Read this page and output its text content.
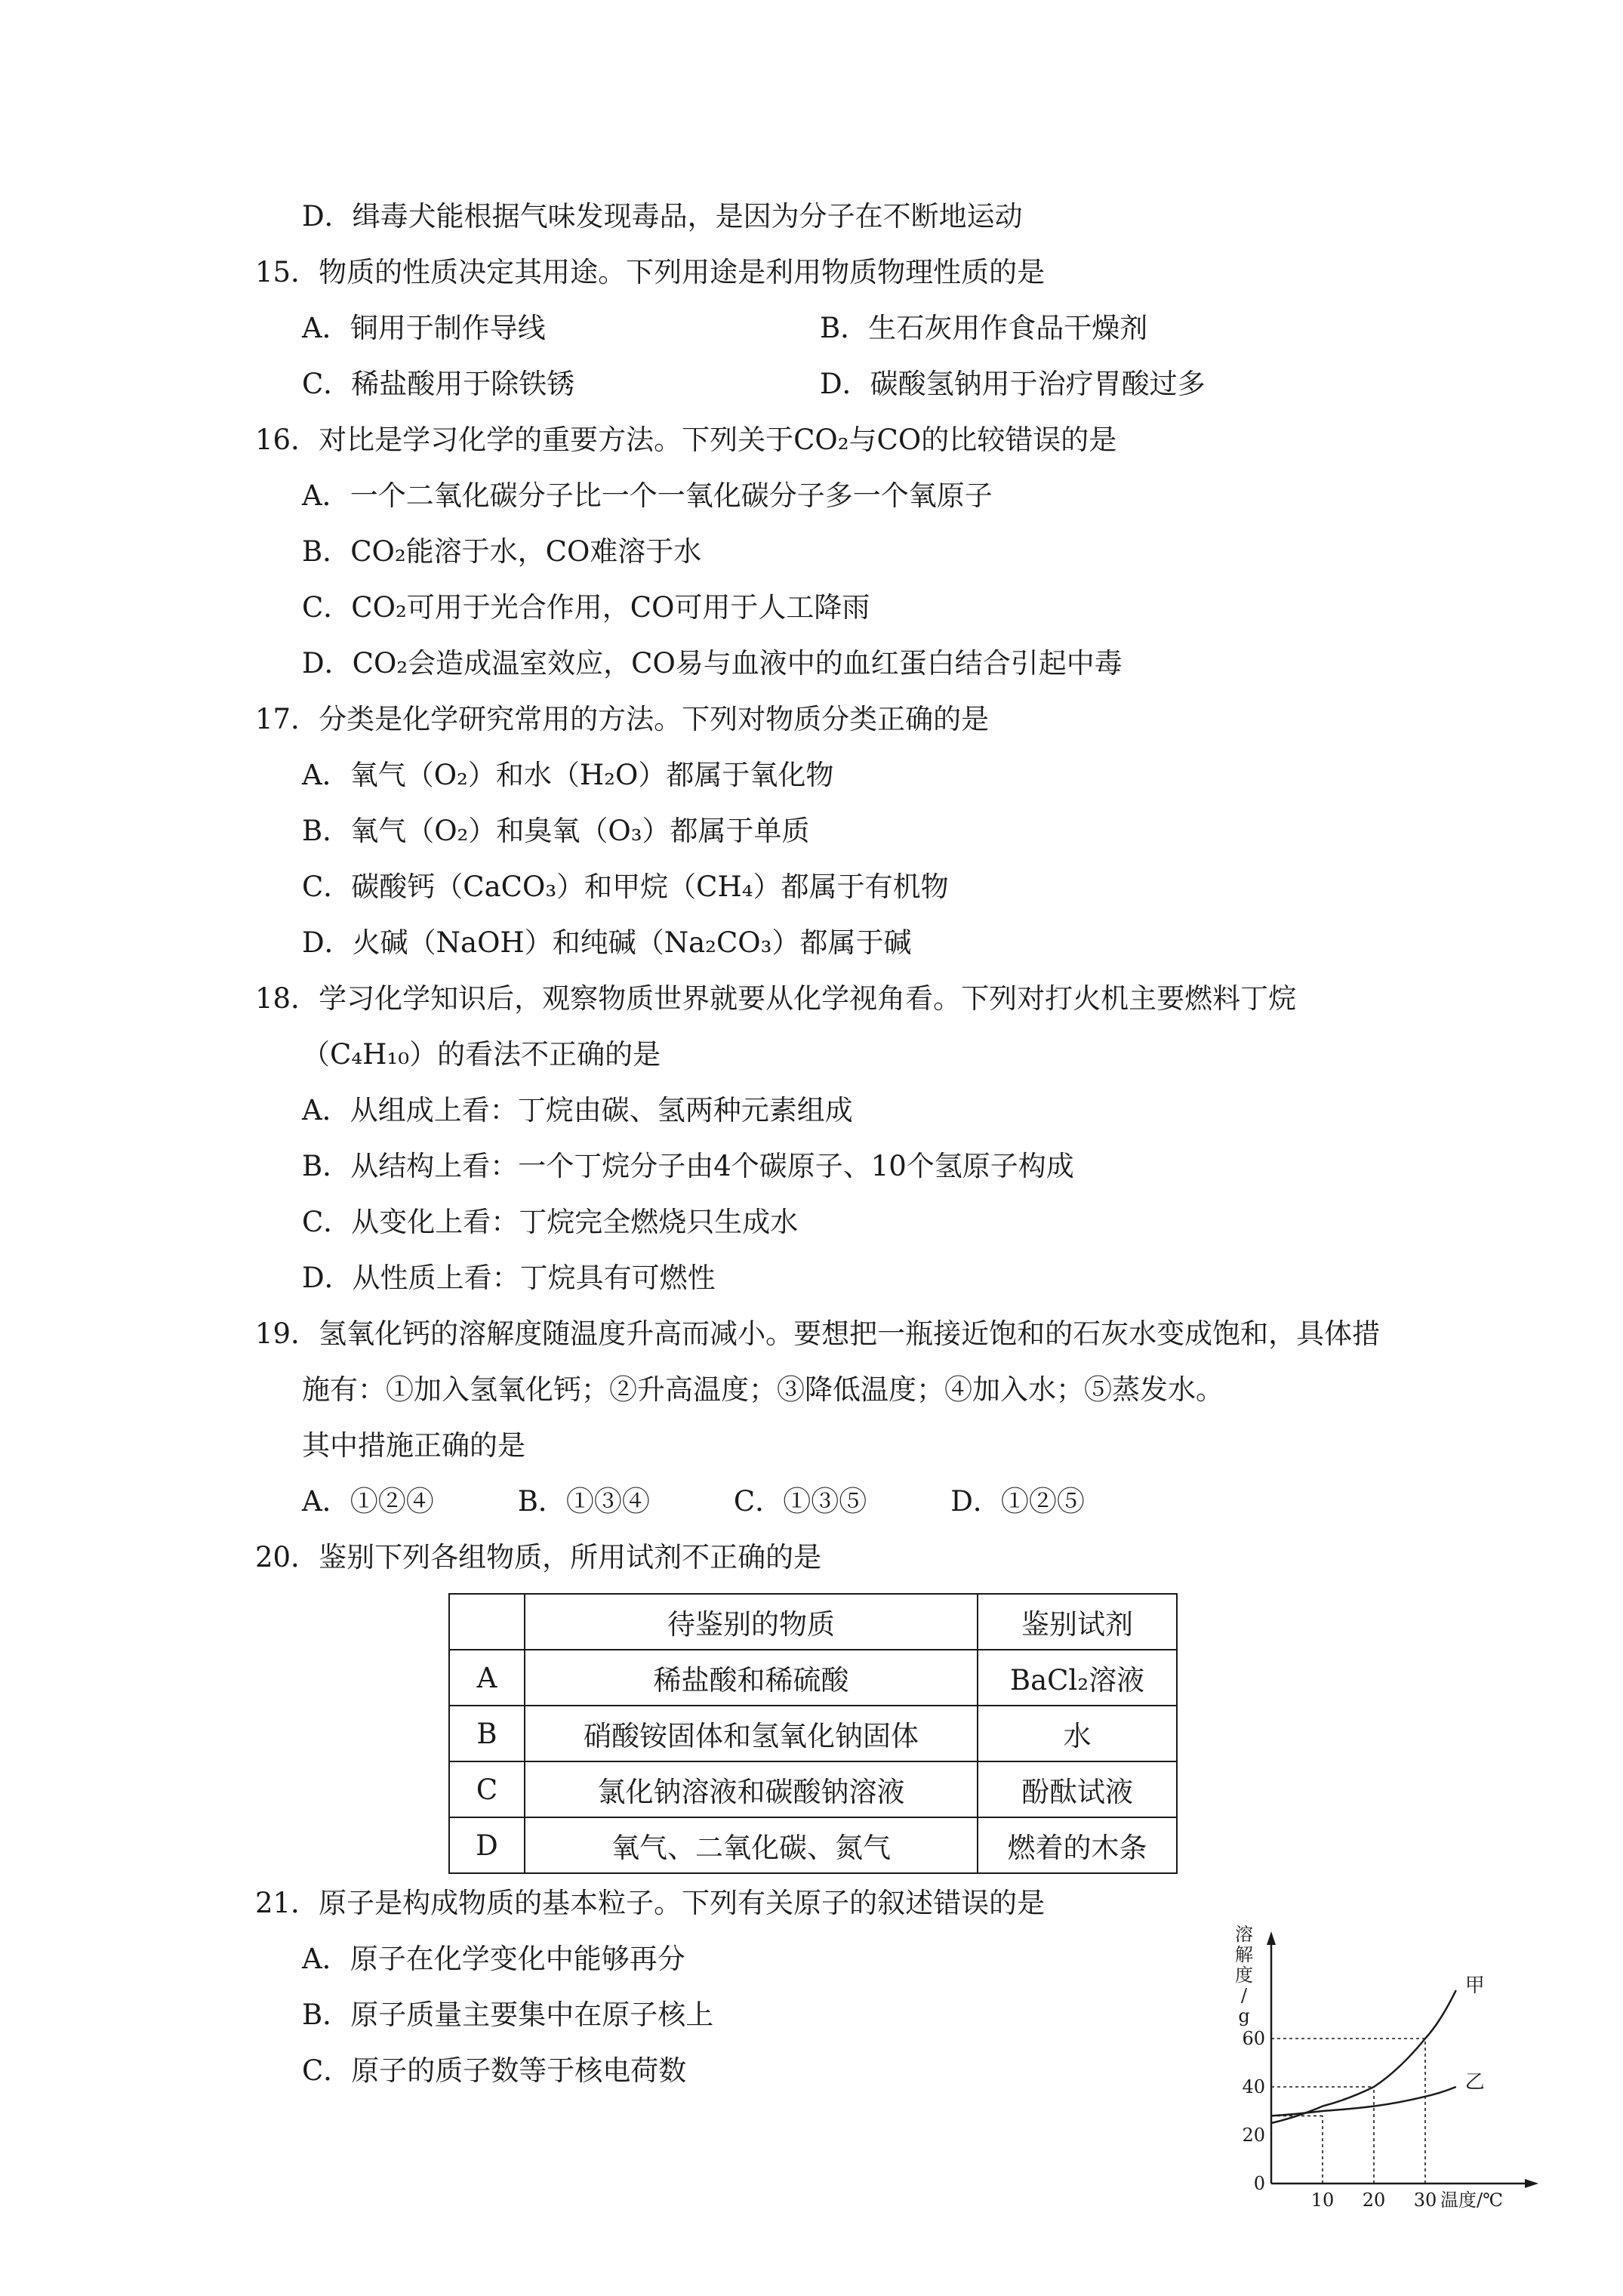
D．缉毒犬能根据气味发现毒品，是因为分子在不断地运动
15．物质的性质决定其用途。下列用途是利用物质物理性质的是
A．铜用于制作导线	B．生石灰用作食品干燥剂
C．稀盐酸用于除铁锈	D．碳酸氢钠用于治疗胃酸过多
16．对比是学习化学的重要方法。下列关于CO₂与CO的比较错误的是
A．一个二氧化碳分子比一个一氧化碳分子多一个氧原子
B．CO₂能溶于水，CO难溶于水
C．CO₂可用于光合作用，CO可用于人工降雨
D．CO₂会造成温室效应，CO易与血液中的血红蛋白结合引起中毒
17．分类是化学研究常用的方法。下列对物质分类正确的是
A．氧气（O₂）和水（H₂O）都属于氧化物
B．氧气（O₂）和臭氧（O₃）都属于单质
C．碳酸钙（CaCO₃）和甲烷（CH₄）都属于有机物
D．火碱（NaOH）和纯碱（Na₂CO₃）都属于碱
18．学习化学知识后，观察物质世界就要从化学视角看。下列对打火机主要燃料丁烷
（C₄H₁₀）的看法不正确的是
A．从组成上看：丁烷由碳、氢两种元素组成
B．从结构上看：一个丁烷分子由4个碳原子、10个氢原子构成
C．从变化上看：丁烷完全燃烧只生成水
D．从性质上看：丁烷具有可燃性
19．氢氧化钙的溶解度随温度升高而减小。要想把一瓶接近饱和的石灰水变成饱和，具体措
施有：①加入氢氧化钙；②升高温度；③降低温度；④加入水；⑤蒸发水。
其中措施正确的是
A．①②④　　　B．①③④　　　C．①③⑤　　　D．①②⑤
20．鉴别下列各组物质，所用试剂不正确的是
	待鉴别的物质	鉴别试剂
A	稀盐酸和稀硫酸	BaCl₂溶液
B	硝酸铵固体和氢氧化钠固体	水
C	氯化钠溶液和碳酸钠溶液	酚酞试液
D	氧气、二氧化碳、氮气	燃着的木条
21．原子是构成物质的基本粒子。下列有关原子的叙述错误的是
A．原子在化学变化中能够再分
B．原子质量主要集中在原子核上
C．原子的质子数等于核电荷数
甲
乙
10 20 30
20
40
60
0
温度/℃
溶
解
度
/
g
